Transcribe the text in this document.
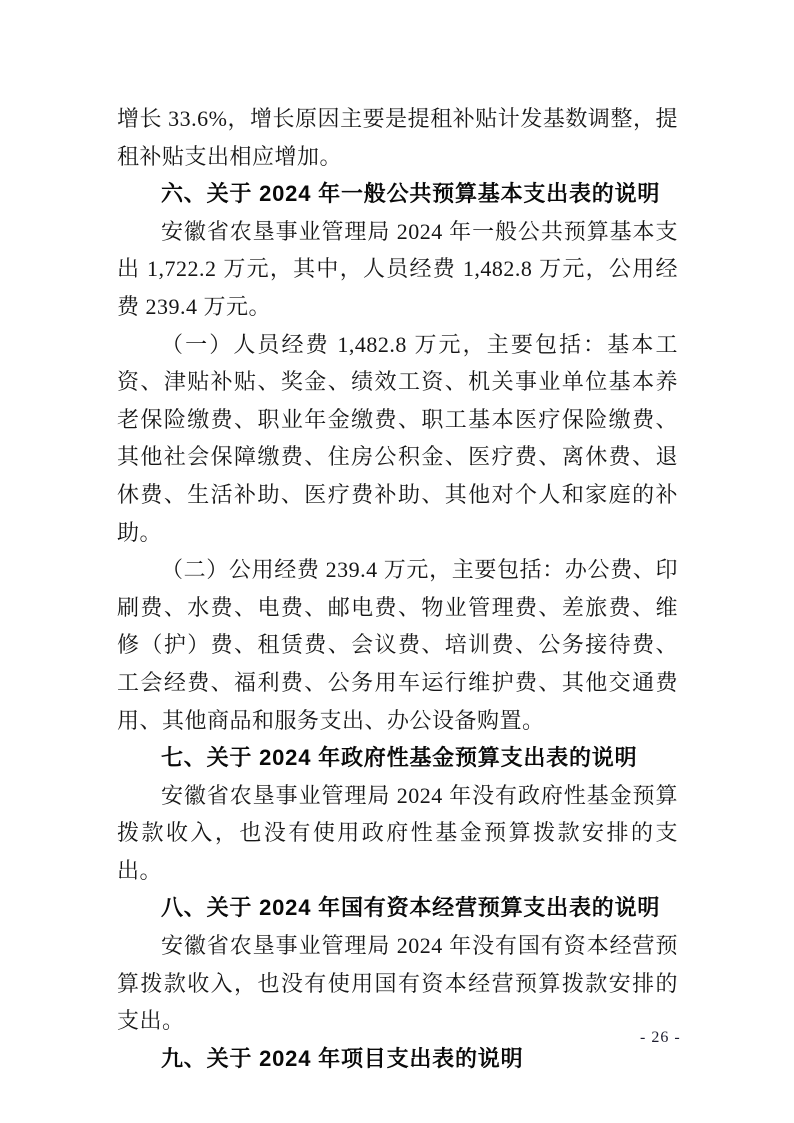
增长 33.6%，增长原因主要是提租补贴计发基数调整，提租补贴支出相应增加。

六、关于 2024 年一般公共预算基本支出表的说明

安徽省农垦事业管理局 2024 年一般公共预算基本支出 1,722.2 万元，其中，人员经费 1,482.8 万元，公用经费 239.4 万元。

（一）人员经费 1,482.8 万元，主要包括：基本工资、津贴补贴、奖金、绩效工资、机关事业单位基本养老保险缴费、职业年金缴费、职工基本医疗保险缴费、其他社会保障缴费、住房公积金、医疗费、离休费、退休费、生活补助、医疗费补助、其他对个人和家庭的补助。

（二）公用经费 239.4 万元，主要包括：办公费、印刷费、水费、电费、邮电费、物业管理费、差旅费、维修（护）费、租赁费、会议费、培训费、公务接待费、工会经费、福利费、公务用车运行维护费、其他交通费用、其他商品和服务支出、办公设备购置。

七、关于 2024 年政府性基金预算支出表的说明

安徽省农垦事业管理局 2024 年没有政府性基金预算拨款收入，也没有使用政府性基金预算拨款安排的支出。

八、关于 2024 年国有资本经营预算支出表的说明

安徽省农垦事业管理局 2024 年没有国有资本经营预算拨款收入，也没有使用国有资本经营预算拨款安排的支出。

九、关于 2024 年项目支出表的说明
- 26 -
